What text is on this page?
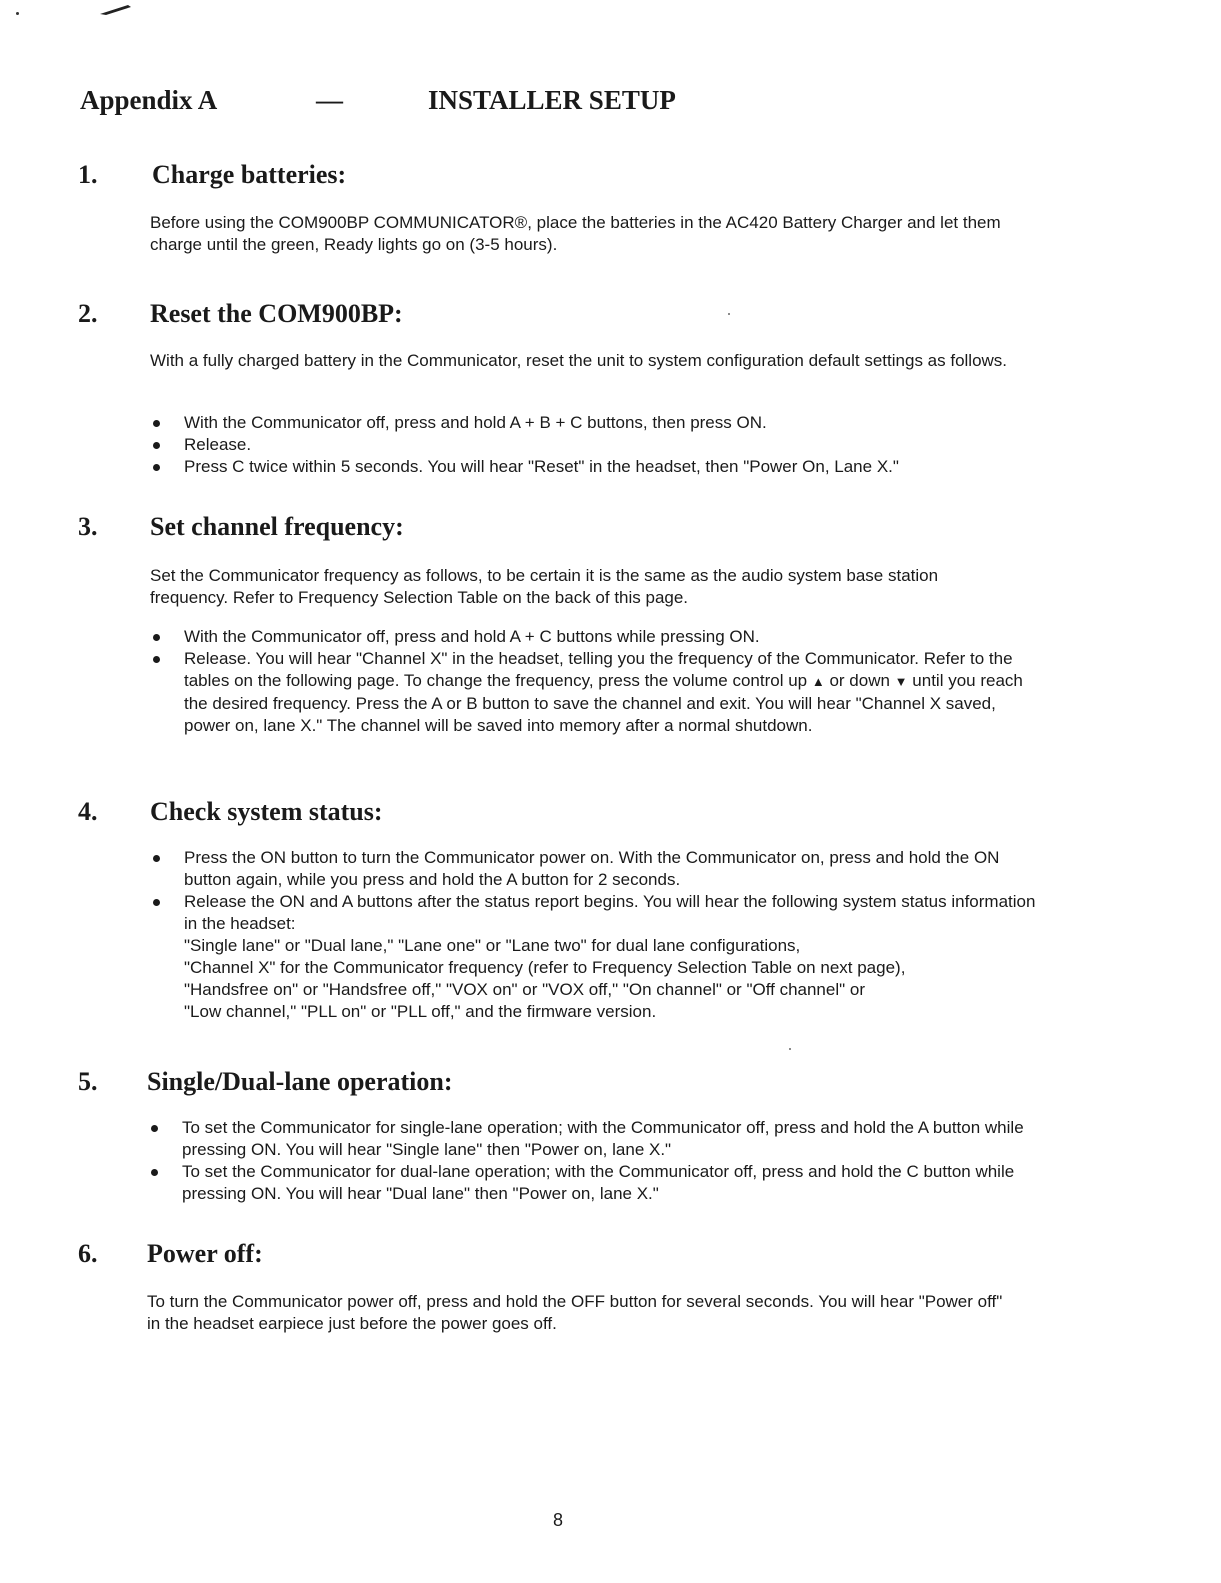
Appendix A	—	INSTALLER SETUP
1. Charge batteries:

Before using the COM900BP COMMUNICATOR®, place the batteries in the AC420 Battery Charger and let them charge until the green, Ready lights go on (3-5 hours).

2. Reset the COM900BP:

With a fully charged battery in the Communicator, reset the unit to system configuration default settings as follows.

With the Communicator off, press and hold A + B + C buttons, then press ON.
Release.
Press C twice within 5 seconds. You will hear "Reset" in the headset, then "Power On, Lane X."
3. Set channel frequency:

Set the Communicator frequency as follows, to be certain it is the same as the audio system base station frequency. Refer to Frequency Selection Table on the back of this page.

With the Communicator off, press and hold A + C buttons while pressing ON.
Release. You will hear "Channel X" in the headset, telling you the frequency of the Communicator. Refer to the tables on the following page. To change the frequency, press the volume control up ▲ or down ▼ until you reach the desired frequency. Press the A or B button to save the channel and exit. You will hear "Channel X saved, power on, lane X." The channel will be saved into memory after a normal shutdown.
4. Check system status:
Press the ON button to turn the Communicator power on. With the Communicator on, press and hold the ON button again, while you press and hold the A button for 2 seconds.
Release the ON and A buttons after the status report begins. You will hear the following system status information in the headset:
"Single lane" or "Dual lane," "Lane one" or "Lane two" for dual lane configurations,
"Channel X" for the Communicator frequency (refer to Frequency Selection Table on next page),
"Handsfree on" or "Handsfree off," "VOX on" or "VOX off," "On channel" or "Off channel" or
"Low channel," "PLL on" or "PLL off," and the firmware version.
5. Single/Dual-lane operation:
To set the Communicator for single-lane operation; with the Communicator off, press and hold the A button while pressing ON. You will hear "Single lane" then "Power on, lane X."
To set the Communicator for dual-lane operation; with the Communicator off, press and hold the C button while pressing ON. You will hear "Dual lane" then "Power on, lane X."
6. Power off:

To turn the Communicator power off, press and hold the OFF button for several seconds. You will hear "Power off" in the headset earpiece just before the power goes off.

8
